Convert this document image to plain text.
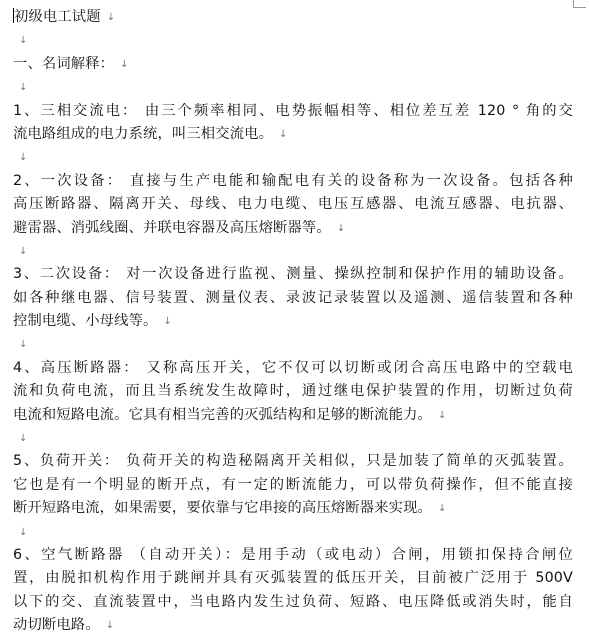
初级电工试题 ↓
↓
一、名词解释： ↓
↓
1、三相交流电： 由三个频率相同、电势振幅相等、相位差互差 120 ° 角的交
流电路组成的电力系统，叫三相交流电。 ↓
↓
2、一次设备： 直接与生产电能和输配电有关的设备称为一次设备。包括各种
高压断路器、隔离开关、母线、电力电缆、电压互感器、电流互感器、电抗器、
避雷器、消弧线圈、并联电容器及高压熔断器等。 ↓
↓
3、二次设备： 对一次设备进行监视、测量、操纵控制和保护作用的辅助设备。
如各种继电器、信号装置、测量仪表、录波记录装置以及遥测、遥信装置和各种
控制电缆、小母线等。 ↓
↓
4、高压断路器： 又称高压开关，它不仅可以切断或闭合高压电路中的空载电
流和负荷电流，而且当系统发生故障时，通过继电保护装置的作用，切断过负荷
电流和短路电流。它具有相当完善的灭弧结构和足够的断流能力。 ↓
↓
5、负荷开关： 负荷开关的构造秘隔离开关相似，只是加装了简单的灭弧装置。
它也是有一个明显的断开点，有一定的断流能力，可以带负荷操作，但不能直接
断开短路电流，如果需要，要依靠与它串接的高压熔断器来实现。 ↓
↓
6、空气断路器 （自动开关）：是用手动（或电动）合闸，用锁扣保持合闸位
置，由脱扣机构作用于跳闸并具有灭弧装置的低压开关，目前被广泛用于 500V
以下的交、直流装置中，当电路内发生过负荷、短路、电压降低或消失时，能自
动切断电路。 ↓
